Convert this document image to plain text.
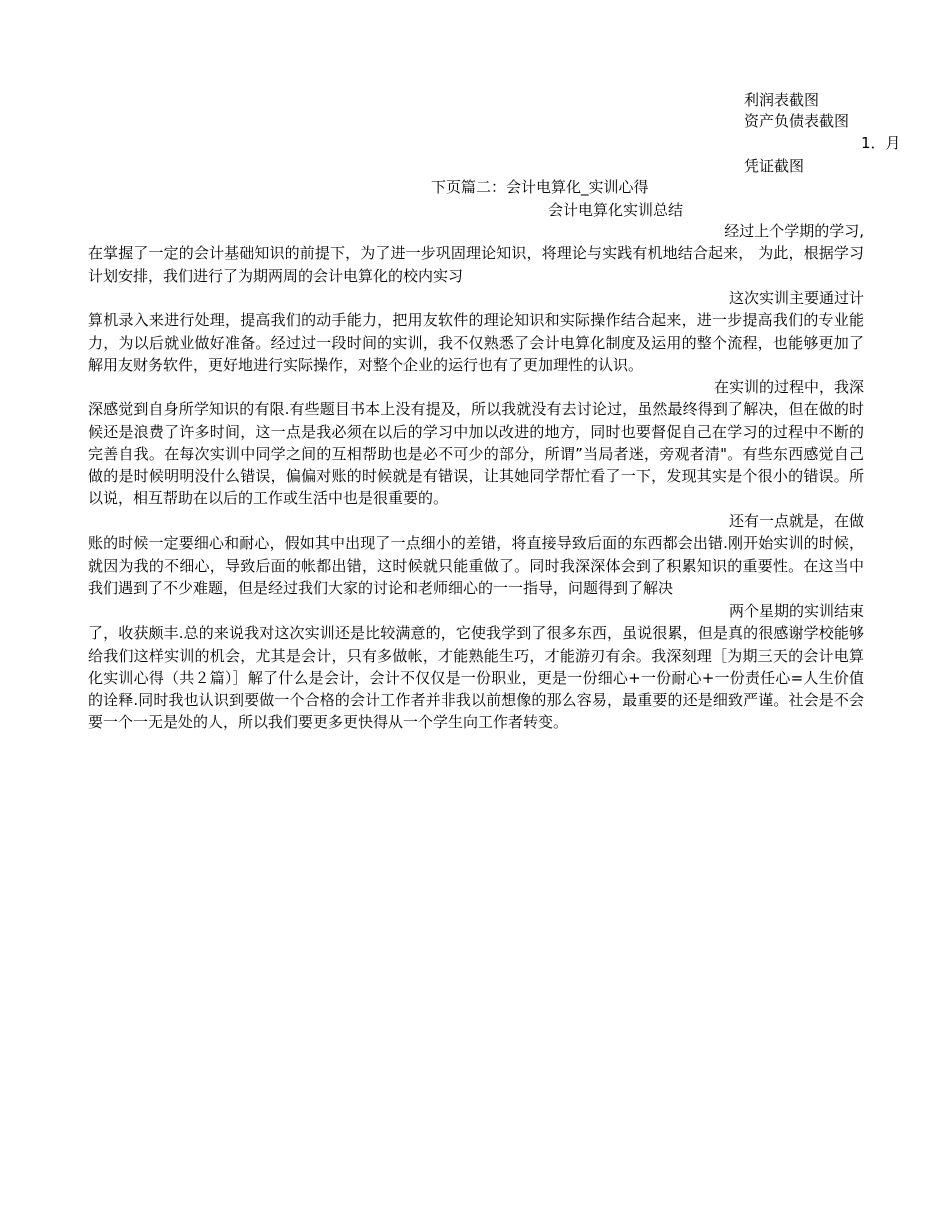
利润表截图
资产负债表截图
1．月
凭证截图
下页篇二：会计电算化_实训心得
会计电算化实训总结
经过上个学期的学习,
在掌握了一定的会计基础知识的前提下，为了进一步巩固理论知识，将理论与实践有机地结合起来， 为此，根据学习计划安排，我们进行了为期两周的会计电算化的校内实习
这次实训主要通过计
算机录入来进行处理，提高我们的动手能力，把用友软件的理论知识和实际操作结合起来，进一步提高我们的专业能力，为以后就业做好准备。经过过一段时间的实训，我不仅熟悉了会计电算化制度及运用的整个流程，也能够更加了解用友财务软件，更好地进行实际操作，对整个企业的运行也有了更加理性的认识。
在实训的过程中，我深
深感觉到自身所学知识的有限.有些题目书本上没有提及，所以我就没有去讨论过，虽然最终得到了解决，但在做的时候还是浪费了许多时间，这一点是我必须在以后的学习中加以改进的地方，同时也要督促自己在学习的过程中不断的完善自我。在每次实训中同学之间的互相帮助也是必不可少的部分，所谓”当局者迷，旁观者清"。有些东西感觉自己做的是时候明明没什么错误，偏偏对账的时候就是有错误，让其她同学帮忙看了一下，发现其实是个很小的错误。所以说，相互帮助在以后的工作或生活中也是很重要的。
还有一点就是，在做
账的时候一定要细心和耐心，假如其中出现了一点细小的差错，将直接导致后面的东西都会出错.刚开始实训的时候，就因为我的不细心，导致后面的帐都出错，这时候就只能重做了。同时我深深体会到了积累知识的重要性。在这当中我们遇到了不少难题，但是经过我们大家的讨论和老师细心的一一指导，问题得到了解决
两个星期的实训结束
了，收获颇丰.总的来说我对这次实训还是比较满意的，它使我学到了很多东西，虽说很累，但是真的很感谢学校能够给我们这样实训的机会，尤其是会计，只有多做帐，才能熟能生巧，才能游刃有余。我深刻理［为期三天的会计电算化实训心得（共２篇）］解了什么是会计，会计不仅仅是一份职业，更是一份细心+一份耐心+一份责任心=人生价值的诠释.同时我也认识到要做一个合格的会计工作者并非我以前想像的那么容易，最重要的还是细致严谨。社会是不会要一个一无是处的人，所以我们要更多更快得从一个学生向工作者转变。
